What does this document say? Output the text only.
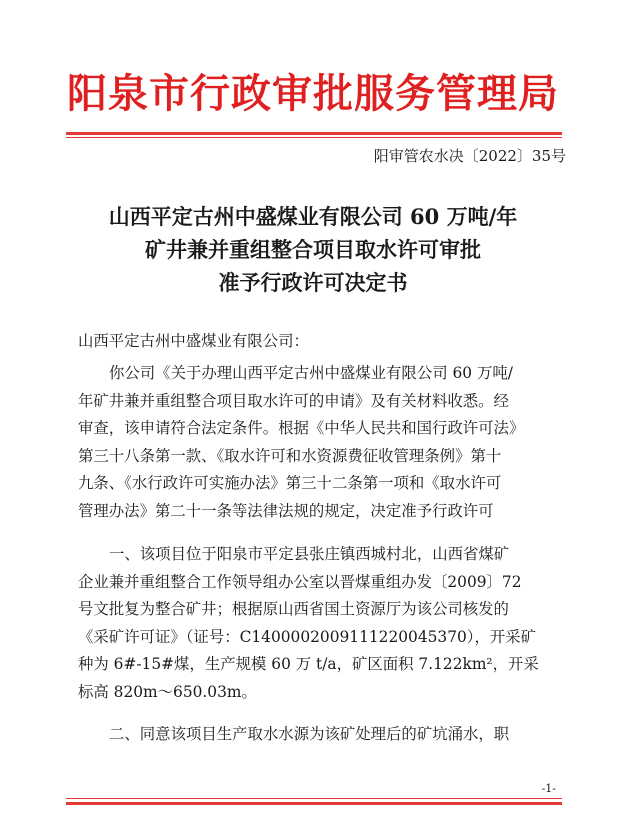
阳泉市行政审批服务管理局
阳审管农水决〔2022〕35号
山西平定古州中盛煤业有限公司 60 万吨/年
矿井兼并重组整合项目取水许可审批
准予行政许可决定书
山西平定古州中盛煤业有限公司：
你公司《关于办理山西平定古州中盛煤业有限公司 60 万吨/
年矿井兼并重组整合项目取水许可的申请》及有关材料收悉。经
审查，该申请符合法定条件。根据《中华人民共和国行政许可法》
第三十八条第一款、《取水许可和水资源费征收管理条例》第十
九条、《水行政许可实施办法》第三十二条第一项和《取水许可
管理办法》第二十一条等法律法规的规定，决定准予行政许可
一、该项目位于阳泉市平定县张庄镇西城村北，山西省煤矿
企业兼并重组整合工作领导组办公室以晋煤重组办发〔2009〕72
号文批复为整合矿井；根据原山西省国土资源厅为该公司核发的
《采矿许可证》（证号：C1400002009111220045370），开采矿
种为 6#-15#煤，生产规模 60 万 t/a，矿区面积 7.122km²，开采
标高 820m～650.03m。
二、同意该项目生产取水水源为该矿处理后的矿坑涌水，职
-1-
